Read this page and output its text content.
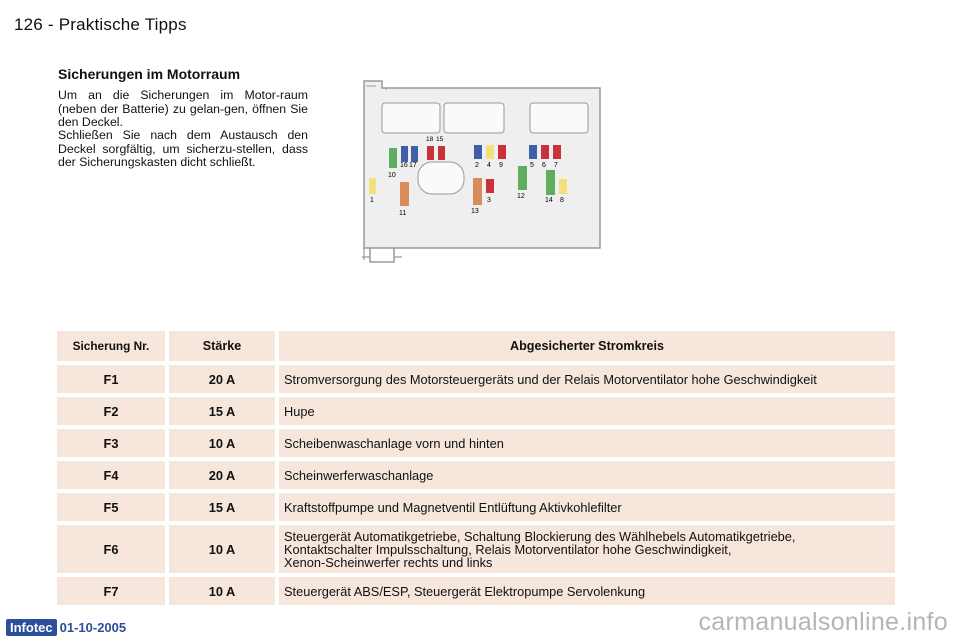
126 - Praktische Tipps
Sicherungen im Motorraum

Um an die Sicherungen im Motor-raum (neben der Batterie) zu gelan-gen, öffnen Sie den Deckel.

Schließen Sie nach dem Austausch den Deckel sorgfältig, um sicherzu-stellen, dass der Sicherungskasten dicht schließt.

10
16 17
18 15
2 4 9	5 6 7
1
11	13
3
12
14 8
Sicherung Nr.	Stärke	Abgesicherter Stromkreis
F1	20 A	Stromversorgung des Motorsteuergeräts und der Relais Motorventilator hohe Geschwindigkeit
F2	15 A	Hupe
F3	10 A	Scheibenwaschanlage vorn und hinten
F4	20 A	Scheinwerferwaschanlage
F5	15 A	Kraftstoffpumpe und Magnetventil Entlüftung Aktivkohlefilter
F6	10 A	Steuergerät Automatikgetriebe, Schaltung Blockierung des Wählhebels Automatikgetriebe,
Kontaktschalter Impulsschaltung, Relais Motorventilator hohe Geschwindigkeit,
Xenon-Scheinwerfer rechts und links
F7	10 A	Steuergerät ABS/ESP, Steuergerät Elektropumpe Servolenkung
Infotec 01-10-2005	carmanualsonline.info
